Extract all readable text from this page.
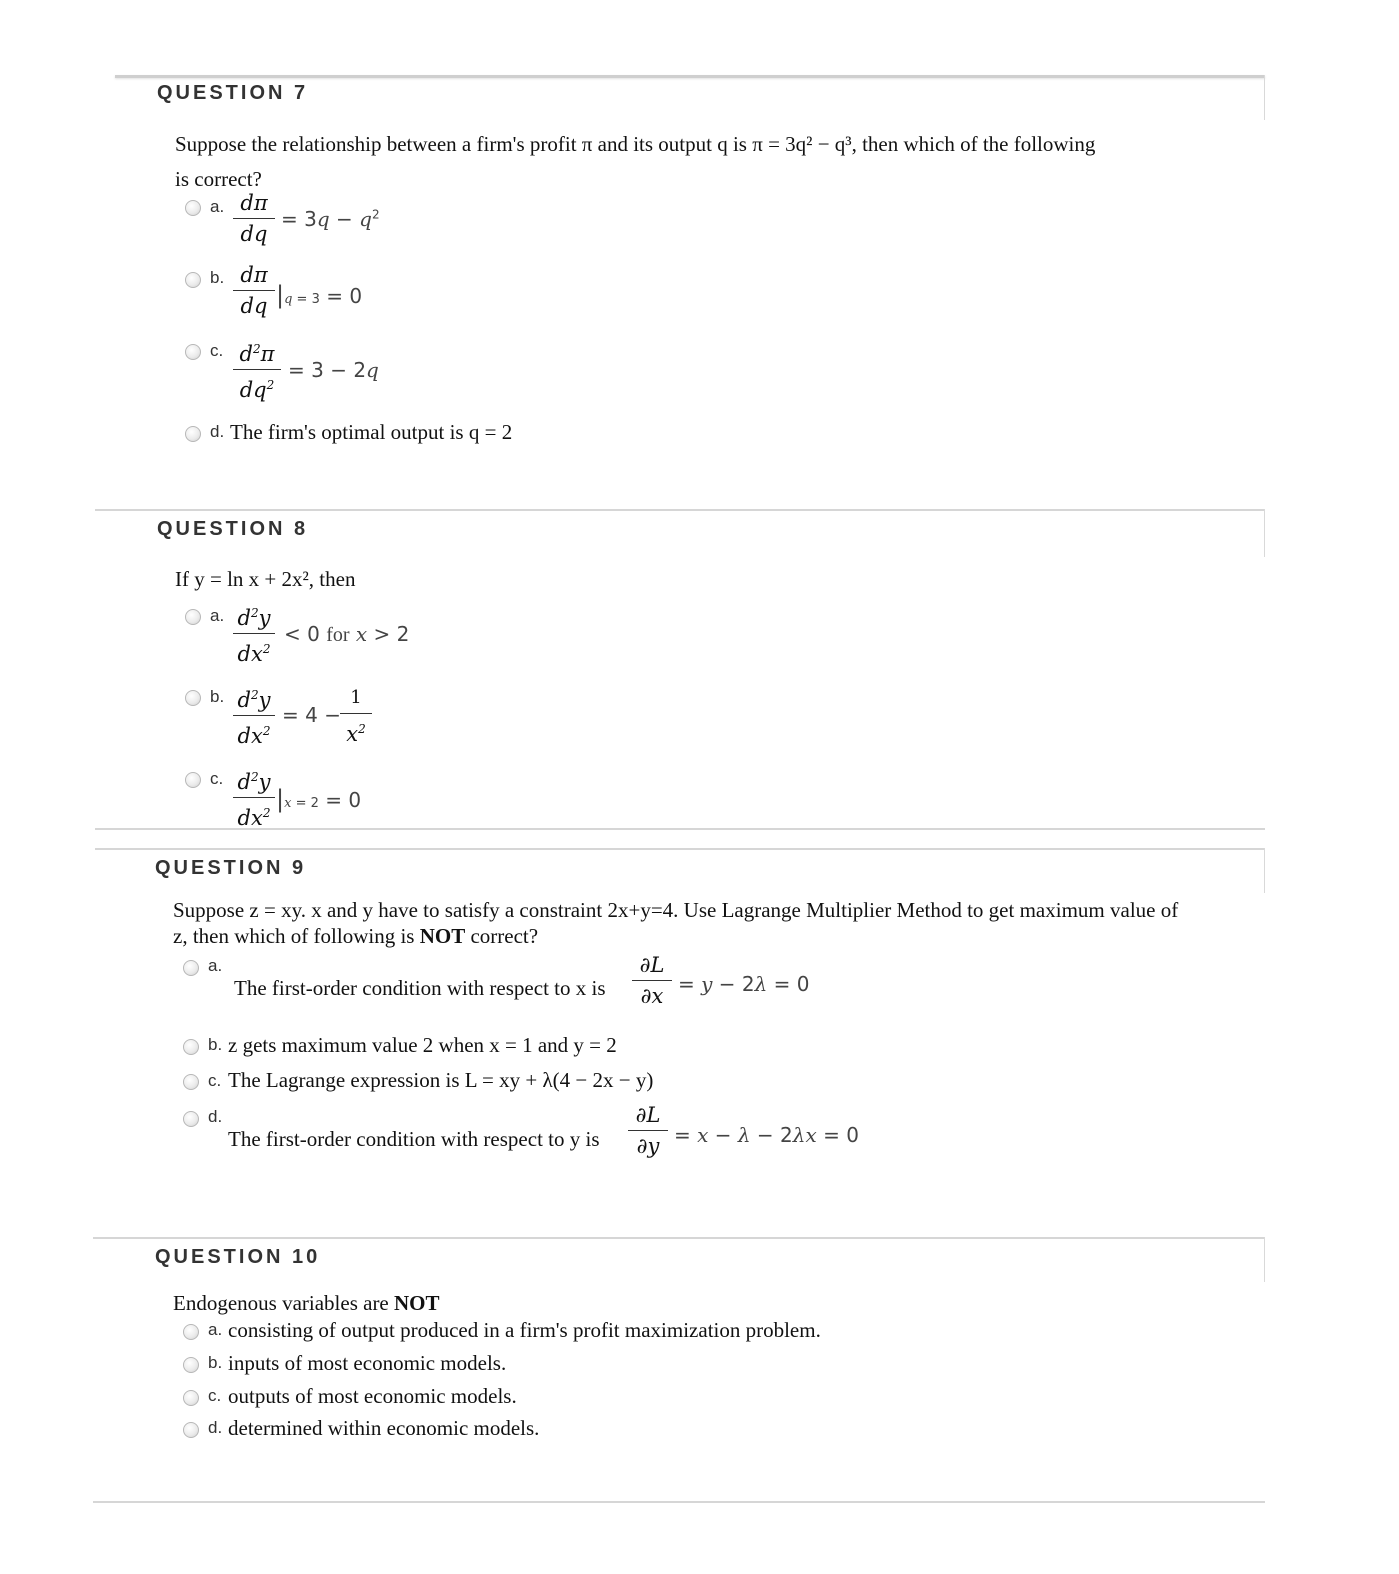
QUESTION 7
Suppose the relationship between a firm's profit π and its output q is π = 3q² − q³, then which of the following
is correct?
a. dπ
dq
= $3q - q^2$
b. dπ
dq |q = 3 = 0
c. $d^2\pi$
$dq^2$
= 3 − 2q
d. The firm's optimal output is q = 2
QUESTION 8
If y = ln x + 2x², then
a. $d^2y$
$dx^2$
< 0 for x > 2
b. $d^2y$
$dx^2$
= 4 −
1
$x^2$
c. $d^2y$
$dx^2$ |x = 2 = 0
QUESTION 9
Suppose z = xy. x and y have to satisfy a constraint 2x+y=4. Use Lagrange Multiplier Method to get maximum value of
z, then which of following is NOT correct?
a.
The first-order condition with respect to x is
∂L
∂x = y − 2λ = 0
b. z gets maximum value 2 when x = 1 and y = 2
c. The Lagrange expression is L = xy + λ(4 − 2x − y)
d.
The first-order condition with respect to y is
∂L
∂y = x − λ − 2λx = 0
QUESTION 10
Endogenous variables are NOT
a. consisting of output produced in a firm's profit maximization problem.
b. inputs of most economic models.
c. outputs of most economic models.
d. determined within economic models.
